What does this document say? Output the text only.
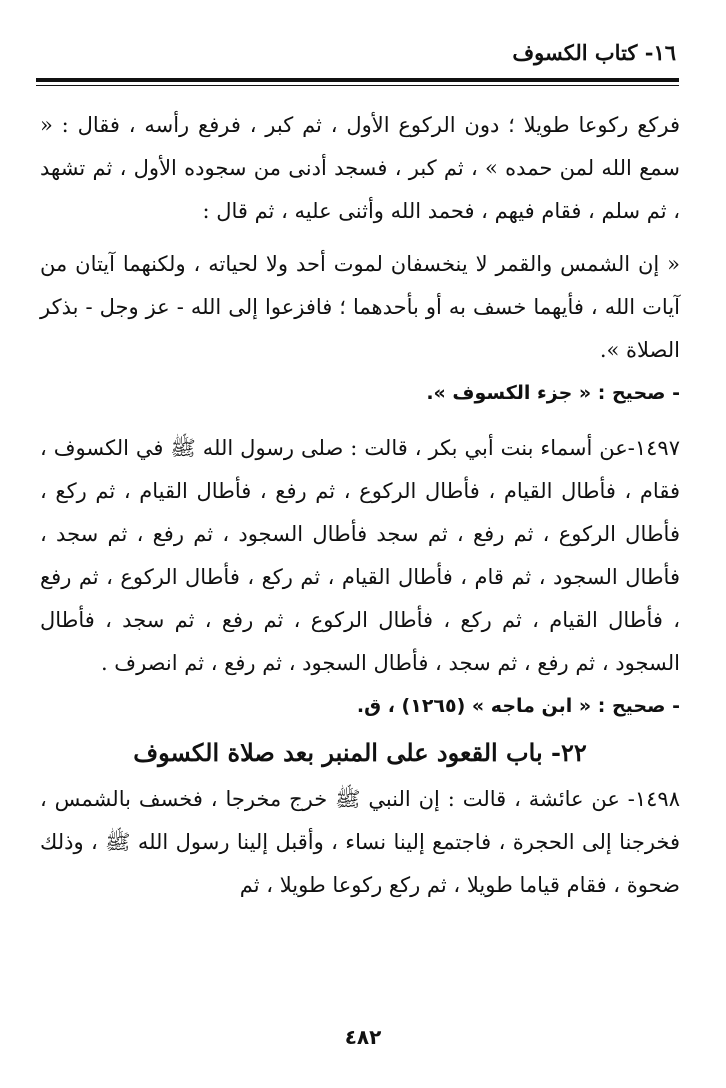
١٦- كتاب الكسوف

فركع ركوعا طويلا ؛ دون الركوع الأول ، ثم كبر ، فرفع رأسه ، فقال : « سمع الله لمن حمده » ، ثم كبر ، فسجد أدنى من سجوده الأول ، ثم تشهد ، ثم سلم ، فقام فيهم ، فحمد الله وأثنى عليه ، ثم قال :

« إن الشمس والقمر لا ينخسفان لموت أحد ولا لحياته ، ولكنهما آيتان من آيات الله ، فأيهما خسف به أو بأحدهما ؛ فافزعوا إلى الله - عز وجل - بذكر الصلاة ».

- صحيح : « جزء الكسوف ».

١٤٩٧-عن أسماء بنت أبي بكر ، قالت : صلى رسول الله ﷺ في الكسوف ، فقام ، فأطال القيام ، فأطال الركوع ، ثم رفع ، فأطال القيام ، ثم ركع ، فأطال الركوع ، ثم رفع ، ثم سجد فأطال السجود ، ثم رفع ، ثم سجد ، فأطال السجود ، ثم قام ، فأطال القيام ، ثم ركع ، فأطال الركوع ، ثم رفع ، فأطال القيام ، ثم ركع ، فأطال الركوع ، ثم رفع ، ثم سجد ، فأطال السجود ، ثم رفع ، ثم سجد ، فأطال السجود ، ثم رفع ، ثم انصرف .

- صحيح : « ابن ماجه » (١٢٦٥) ، ق.

٢٢- باب القعود على المنبر بعد صلاة الكسوف

١٤٩٨- عن عائشة ، قالت : إن النبي ﷺ خرج مخرجا ، فخسف بالشمس ، فخرجنا إلى الحجرة ، فاجتمع إلينا نساء ، وأقبل إلينا رسول الله ﷺ ، وذلك ضحوة ، فقام قياما طويلا ، ثم ركع ركوعا طويلا ، ثم

٤٨٢
